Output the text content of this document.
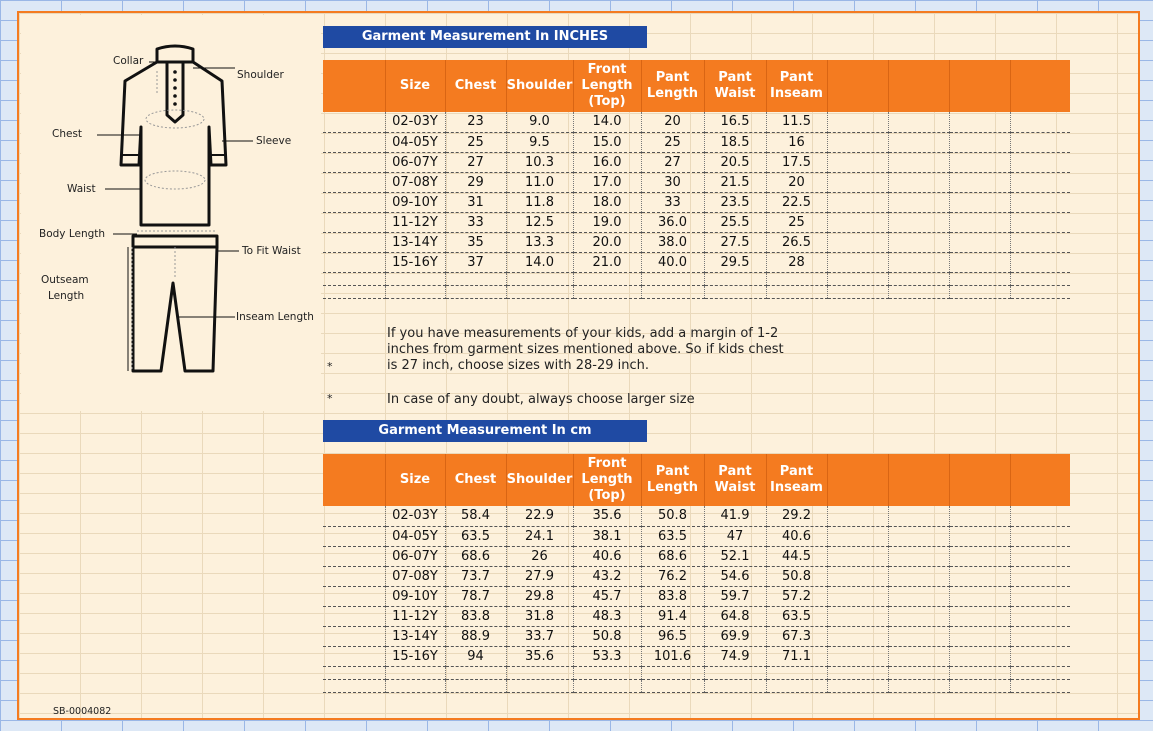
Collar
Shoulder
Chest
Sleeve
Waist
Body Length
To Fit Waist
Outseam
Length
Inseam Length
Garment Measurement In INCHES
	Size	Chest	Shoulder	Front Length (Top)	Pant Length	Pant Waist	Pant Inseam				
	02-03Y	23	9.0	14.0	20	16.5	11.5				
	04-05Y	25	9.5	15.0	25	18.5	16				
	06-07Y	27	10.3	16.0	27	20.5	17.5				
	07-08Y	29	11.0	17.0	30	21.5	20				
	09-10Y	31	11.8	18.0	33	23.5	22.5				
	11-12Y	33	12.5	19.0	36.0	25.5	25				
	13-14Y	35	13.3	20.0	38.0	27.5	26.5				
	15-16Y	37	14.0	21.0	40.0	29.5	28				

If you have measurements of your kids, add a margin of 1-2
inches from garment sizes mentioned above. So if kids chest
is 27 inch, choose sizes with 28-29 inch.
*
*	In case of any doubt, always choose larger size
Garment Measurement In cm
	Size	Chest	Shoulder	Front Length (Top)	Pant Length	Pant Waist	Pant Inseam				
	02-03Y	58.4	22.9	35.6	50.8	41.9	29.2				
	04-05Y	63.5	24.1	38.1	63.5	47	40.6				
	06-07Y	68.6	26	40.6	68.6	52.1	44.5				
	07-08Y	73.7	27.9	43.2	76.2	54.6	50.8				
	09-10Y	78.7	29.8	45.7	83.8	59.7	57.2				
	11-12Y	83.8	31.8	48.3	91.4	64.8	63.5				
	13-14Y	88.9	33.7	50.8	96.5	69.9	67.3				
	15-16Y	94	35.6	53.3	101.6	74.9	71.1				

SB-0004082
